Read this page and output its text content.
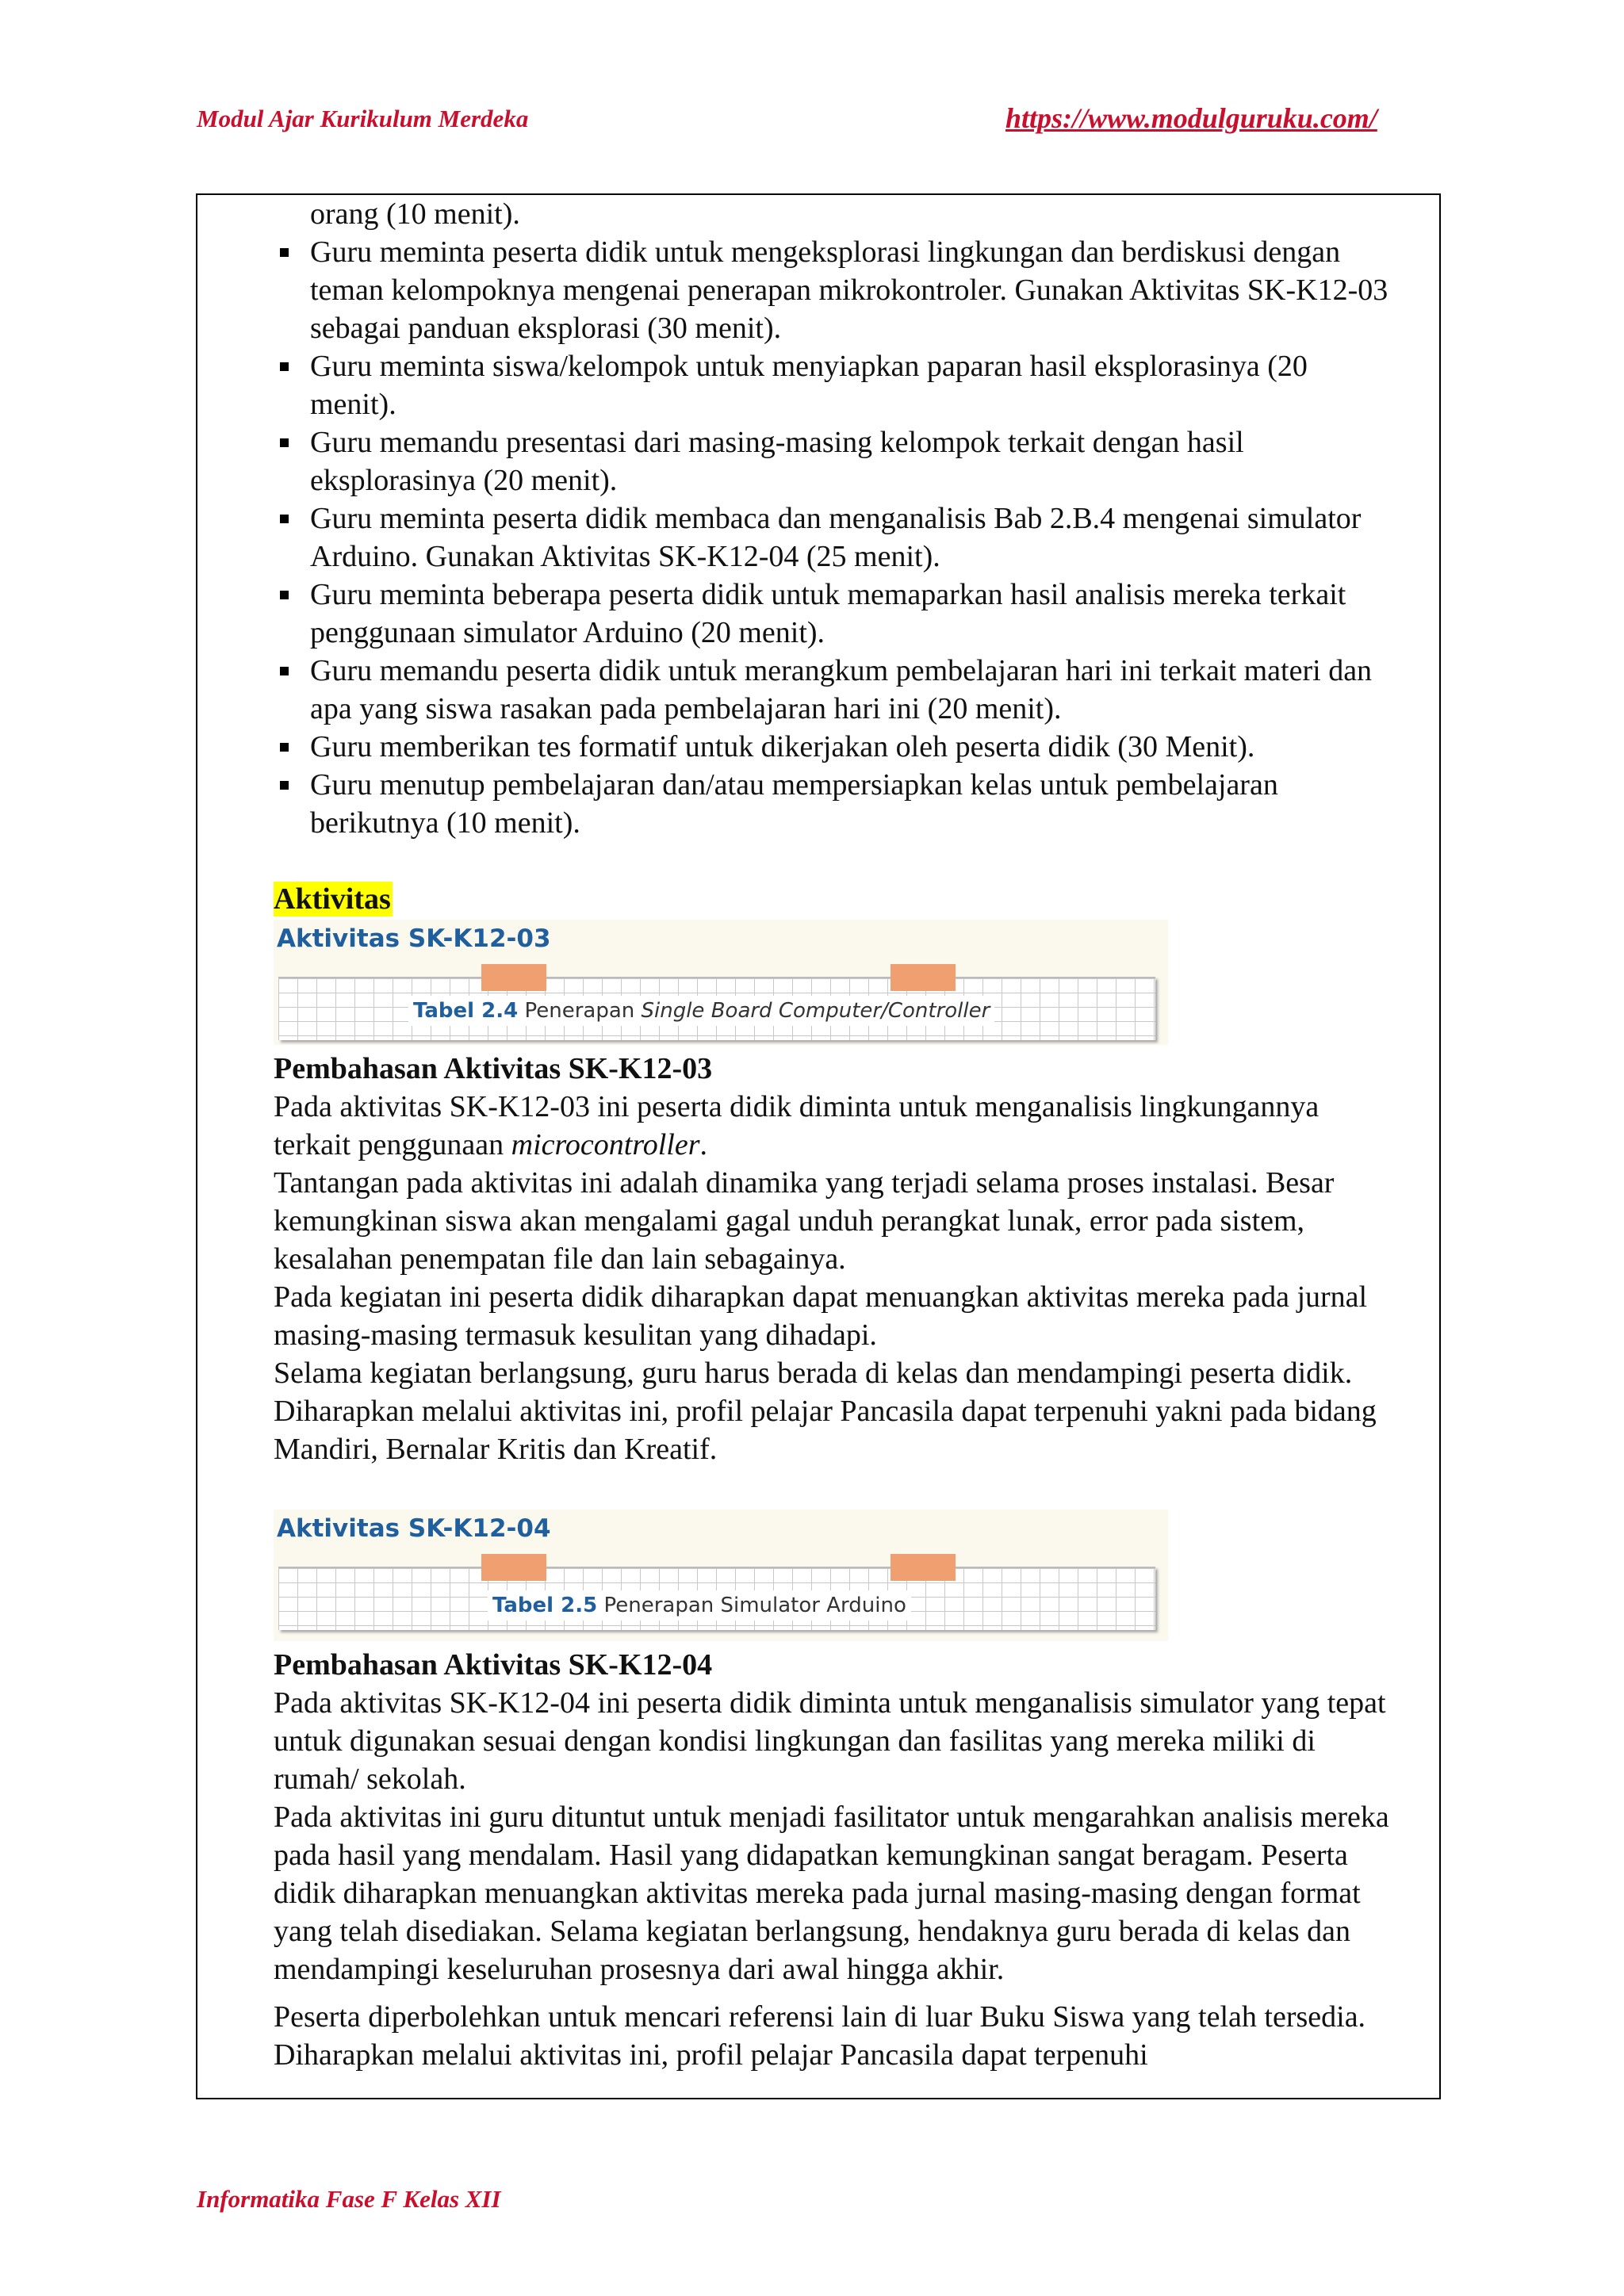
Modul Ajar Kurikulum Merdeka	https://www.modulguruku.com/
orang (10 menit).
Guru meminta peserta didik untuk mengeksplorasi lingkungan dan berdiskusi dengan teman kelompoknya mengenai penerapan mikrokontroler. Gunakan Aktivitas SK-K12-03 sebagai panduan eksplorasi (30 menit).
Guru meminta siswa/kelompok untuk menyiapkan paparan hasil eksplorasinya (20 menit).
Guru memandu presentasi dari masing-masing kelompok terkait dengan hasil eksplorasinya (20 menit).
Guru meminta peserta didik membaca dan menganalisis Bab 2.B.4 mengenai simulator Arduino. Gunakan Aktivitas SK-K12-04 (25 menit).
Guru meminta beberapa peserta didik untuk memaparkan hasil analisis mereka terkait penggunaan simulator Arduino (20 menit).
Guru memandu peserta didik untuk merangkum pembelajaran hari ini terkait materi dan apa yang siswa rasakan pada pembelajaran hari ini (20 menit).
Guru memberikan tes formatif untuk dikerjakan oleh peserta didik (30 Menit).
Guru menutup pembelajaran dan/atau mempersiapkan kelas untuk pembelajaran berikutnya (10 menit).
Aktivitas
Aktivitas SK-K12-03
Tabel 2.4 Penerapan Single Board Computer/Controller
Pembahasan Aktivitas SK-K12-03

Pada aktivitas SK-K12-03 ini peserta didik diminta untuk menganalisis lingkungannya terkait penggunaan microcontroller.

Tantangan pada aktivitas ini adalah dinamika yang terjadi selama proses instalasi. Besar kemungkinan siswa akan mengalami gagal unduh perangkat lunak, error pada sistem, kesalahan penempatan file dan lain sebagainya.

Pada kegiatan ini peserta didik diharapkan dapat menuangkan aktivitas mereka pada jurnal masing-masing termasuk kesulitan yang dihadapi.

Selama kegiatan berlangsung, guru harus berada di kelas dan mendampingi peserta didik. Diharapkan melalui aktivitas ini, profil pelajar Pancasila dapat terpenuhi yakni pada bidang Mandiri, Bernalar Kritis dan Kreatif.

Aktivitas SK-K12-04
Tabel 2.5 Penerapan Simulator Arduino
Pembahasan Aktivitas SK-K12-04

Pada aktivitas SK-K12-04 ini peserta didik diminta untuk menganalisis simulator yang tepat untuk digunakan sesuai dengan kondisi lingkungan dan fasilitas yang mereka miliki di rumah/ sekolah.

Pada aktivitas ini guru dituntut untuk menjadi fasilitator untuk mengarahkan analisis mereka pada hasil yang mendalam. Hasil yang didapatkan kemungkinan sangat beragam. Peserta didik diharapkan menuangkan aktivitas mereka pada jurnal masing-masing dengan format yang telah disediakan. Selama kegiatan berlangsung, hendaknya guru berada di kelas dan mendampingi keseluruhan prosesnya dari awal hingga akhir.

Peserta diperbolehkan untuk mencari referensi lain di luar Buku Siswa yang telah tersedia. Diharapkan melalui aktivitas ini, profil pelajar Pancasila dapat terpenuhi

Informatika Fase F Kelas XII
